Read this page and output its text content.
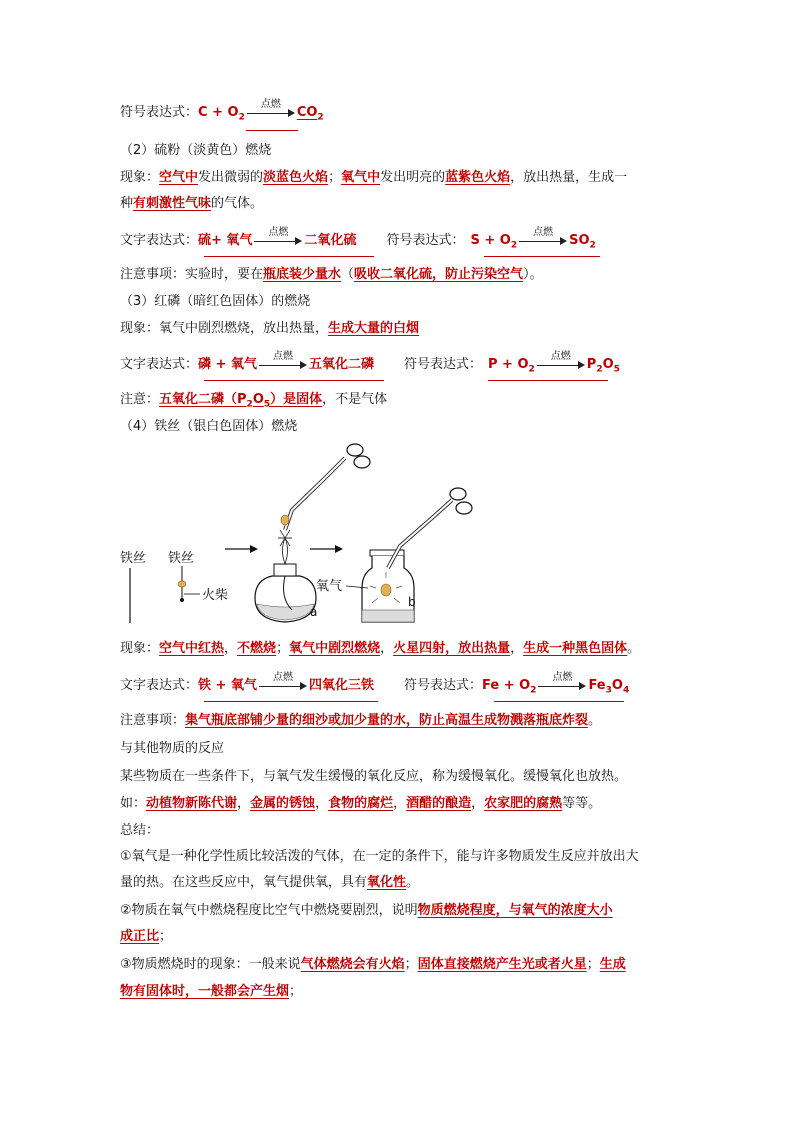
符号表达式：$C + O_2$
点燃
$CO_2$
（2）硫粉（淡黄色）燃烧
现象：空气中发出微弱的淡蓝色火焰；氧气中发出明亮的蓝紫色火焰，放出热量，生成一
种有刺激性气味的气体。
文字表达式：硫+ 氧气
点燃
二氧化硫 符号表达式： $S + O_2$
点燃
$SO_2$
注意事项：实验时，要在瓶底装少量水（吸收二氧化硫，防止污染空气）。
（3）红磷（暗红色固体）的燃烧
现象：氧气中剧烈燃烧，放出热量，生成大量的白烟
文字表达式：磷 + 氧气
点燃
五氧化二磷 符号表达式： $P + O_2$
点燃
$P_2O_5$
注意：五氧化二磷$(P_2O_5)$是固体，不是气体
（4）铁丝（银白色固体）燃烧
铁丝 铁丝
火柴
a
氧气
b
现象：空气中红热，不燃烧；氧气中剧烈燃烧，火星四射，放出热量，生成一种黑色固体。
文字表达式：铁 + 氧气
点燃
四氧化三铁 符号表达式：$Fe + O_2$
点燃
$Fe_3O_4$
注意事项：集气瓶底部铺少量的细沙或加少量的水，防止高温生成物溅落瓶底炸裂。
与其他物质的反应
某些物质在一些条件下，与氧气发生缓慢的氧化反应，称为缓慢氧化。缓慢氧化也放热。
如：动植物新陈代谢，金属的锈蚀，食物的腐烂，酒醋的酿造，农家肥的腐熟等等。
总结：
①氧气是一种化学性质比较活泼的气体，在一定的条件下，能与许多物质发生反应并放出大
量的热。在这些反应中，氧气提供氧，具有氧化性。
②物质在氧气中燃烧程度比空气中燃烧要剧烈，说明物质燃烧程度，与氧气的浓度大小
成正比；
③物质燃烧时的现象：一般来说气体燃烧会有火焰；固体直接燃烧产生光或者火星；生成
物有固体时，一般都会产生烟；
